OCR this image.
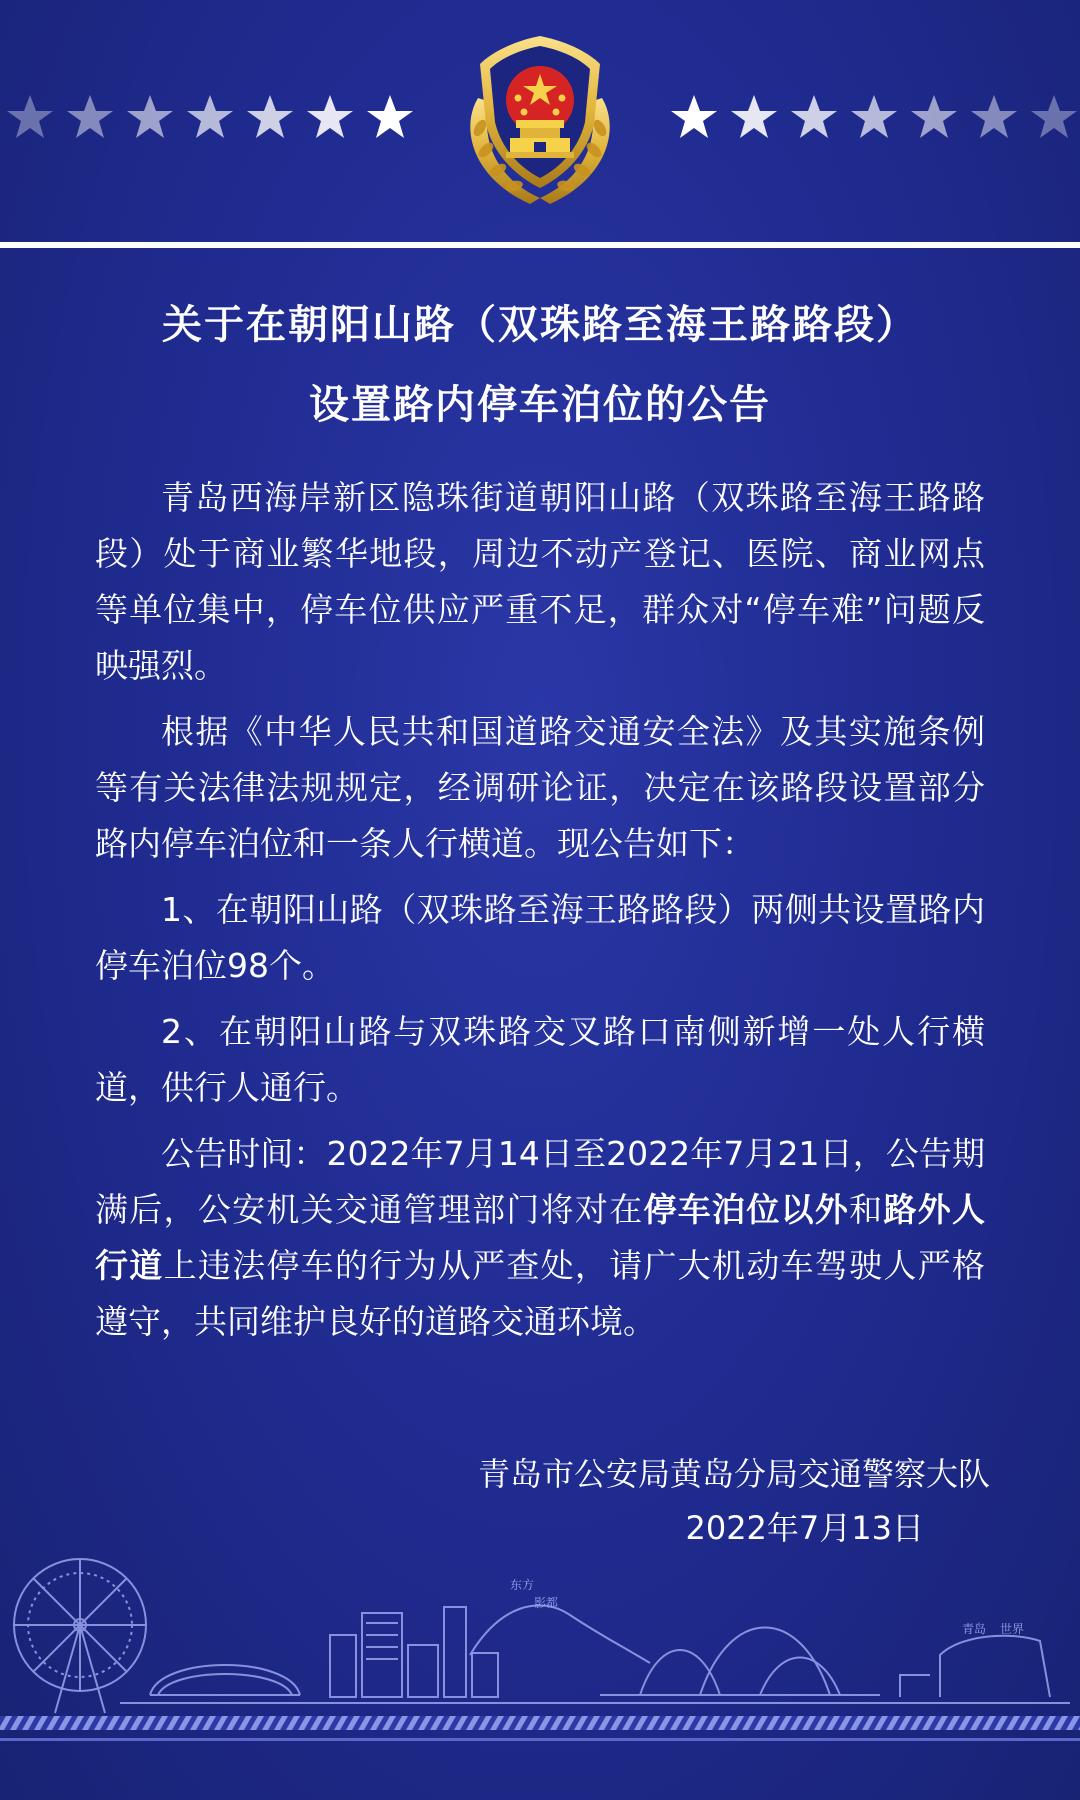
关于在朝阳山路（双珠路至海王路路段）
设置路内停车泊位的公告

青岛西海岸新区隐珠街道朝阳山路（双珠路至海王路路段）处于商业繁华地段，周边不动产登记、医院、商业网点等单位集中，停车位供应严重不足，群众对“停车难”问题反映强烈。

根据《中华人民共和国道路交通安全法》及其实施条例等有关法律法规规定，经调研论证，决定在该路段设置部分路内停车泊位和一条人行横道。现公告如下：

1、在朝阳山路（双珠路至海王路路段）两侧共设置路内停车泊位98个。

2、在朝阳山路与双珠路交叉路口南侧新增一处人行横道，供行人通行。

公告时间：2022年7月14日至2022年7月21日，公告期满后，公安机关交通管理部门将对在停车泊位以外和路外人行道上违法停车的行为从严查处，请广大机动车驾驶人严格遵守，共同维护良好的道路交通环境。

青岛市公安局黄岛分局交通警察大队
2022年7月13日
东方
影都
青岛 世界
